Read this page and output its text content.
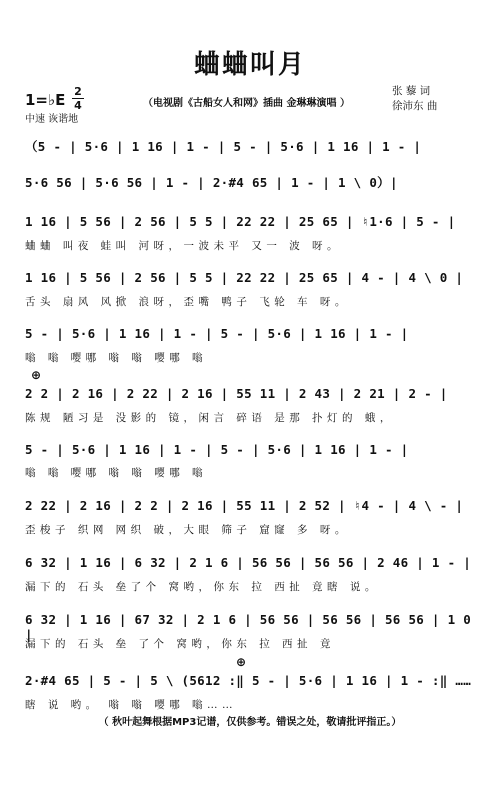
蛐蛐叫月
1=♭E 2
4
中速 诙谐地
（电视剧《古船女人和网》插曲 金琳琳演唱 ）
张 藜 词
徐沛东 曲
（5 - | 5·6 | 1 16 | 1 - | 5 - | 5·6 | 1 16 | 1 - |
5·6 56 | 5·6 56 | 1 - | 2·#4 65 | 1 - | 1 \ 0）|
1 16 | 5 56 | 2 56 | 5 5 | 22 22 | 25 65 | ♮1·6 | 5 - |
蛐蛐 叫夜 蛙叫 河呀，一波未平 又一 波 呀。
1 16 | 5 56 | 2 56 | 5 5 | 22 22 | 25 65 | 4 - | 4 \ 0 |
舌头 扇风 风掀 浪呀，歪嘴 鸭子 飞轮 车 呀。
5 - | 5·6 | 1 16 | 1 - | 5 - | 5·6 | 1 16 | 1 - |
嗡 嗡 嘤哪 嗡 嗡 嘤哪 嗡
⊕
2 2 | 2 16 | 2 22 | 2 16 | 55 11 | 2 43 | 2 21 | 2 - |
陈规 陋习是 没影的 镜，闲言 碎语 是那 扑灯的 蛾，
5 - | 5·6 | 1 16 | 1 - | 5 - | 5·6 | 1 16 | 1 - |
嗡 嗡 嘤哪 嗡 嗡 嘤哪 嗡
2 22 | 2 16 | 2 2 | 2 16 | 55 11 | 2 52 | ♮4 - | 4 \ - |
歪梭子 织网 网织 破，大眼 筛子 窟窿 多 呀。
6 32 | 1 16 | 6 32 | 2 1 6 | 56 56 | 56 56 | 2 46 | 1 - |
漏下的 石头 垒了个 窝哟，你东 拉 西扯 竟瞎 说。
6 32 | 1 16 | 67 32 | 2 1 6 | 56 56 | 56 56 | 56 56 | 1 0 |
漏下的 石头 垒 了个 窝哟，你东 拉 西扯 竟
⊕
2·#4 65 | 5 - | 5 \ (5612 :‖ 5 - | 5·6 | 1 16 | 1 - :‖ ……
瞎 说 哟。 嗡 嗡 嘤哪 嗡……
（ 秋叶起舞根据MP3记谱，仅供参考。错误之处，敬请批评指正。）
